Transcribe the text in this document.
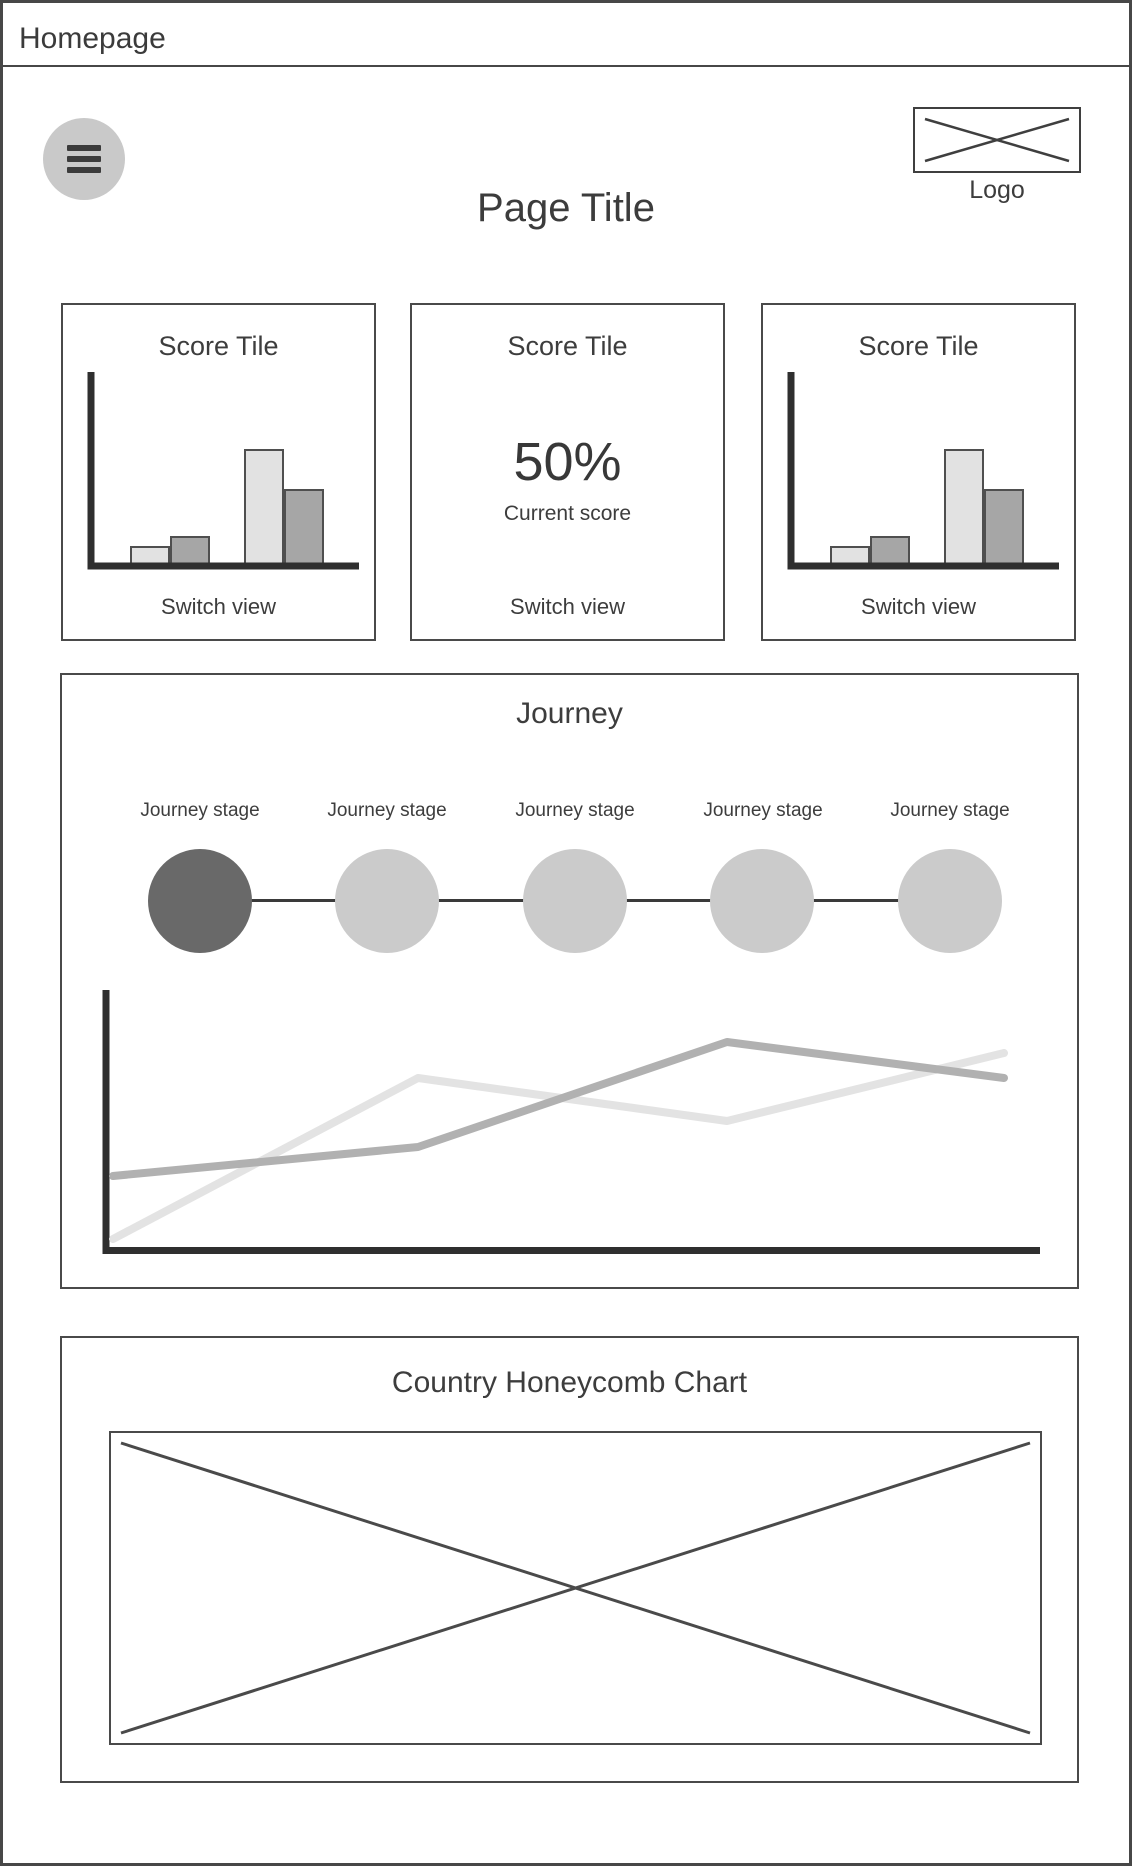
Homepage
Page Title	Logo
Score Tile
Switch view
Score Tile
50%
Current score
Switch view
Score Tile
Switch view
Journey
Journey stage	Journey stage	Journey stage	Journey stage	Journey stage
Country Honeycomb Chart
